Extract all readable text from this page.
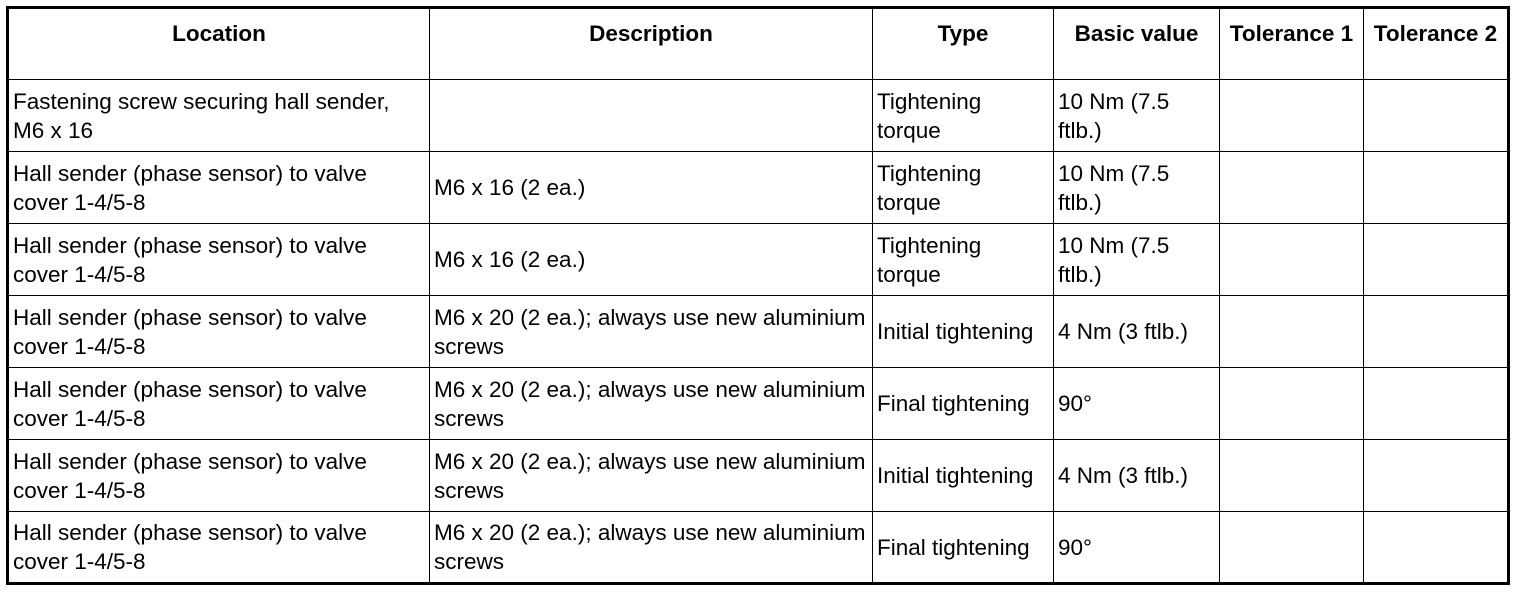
Location	Description	Type	Basic value	Tolerance 1	Tolerance 2
Fastening screw securing hall sender, M6 x 16		Tightening torque	10 Nm (7.5 ftlb.)		
Hall sender (phase sensor) to valve cover 1-4/5-8	M6 x 16 (2 ea.)	Tightening torque	10 Nm (7.5 ftlb.)		
Hall sender (phase sensor) to valve cover 1-4/5-8	M6 x 16 (2 ea.)	Tightening torque	10 Nm (7.5 ftlb.)		
Hall sender (phase sensor) to valve cover 1-4/5-8	M6 x 20 (2 ea.); always use new aluminium screws	Initial tightening	4 Nm (3 ftlb.)		
Hall sender (phase sensor) to valve cover 1-4/5-8	M6 x 20 (2 ea.); always use new aluminium screws	Final tightening	90°		
Hall sender (phase sensor) to valve cover 1-4/5-8	M6 x 20 (2 ea.); always use new aluminium screws	Initial tightening	4 Nm (3 ftlb.)		
Hall sender (phase sensor) to valve cover 1-4/5-8	M6 x 20 (2 ea.); always use new aluminium screws	Final tightening	90°		
